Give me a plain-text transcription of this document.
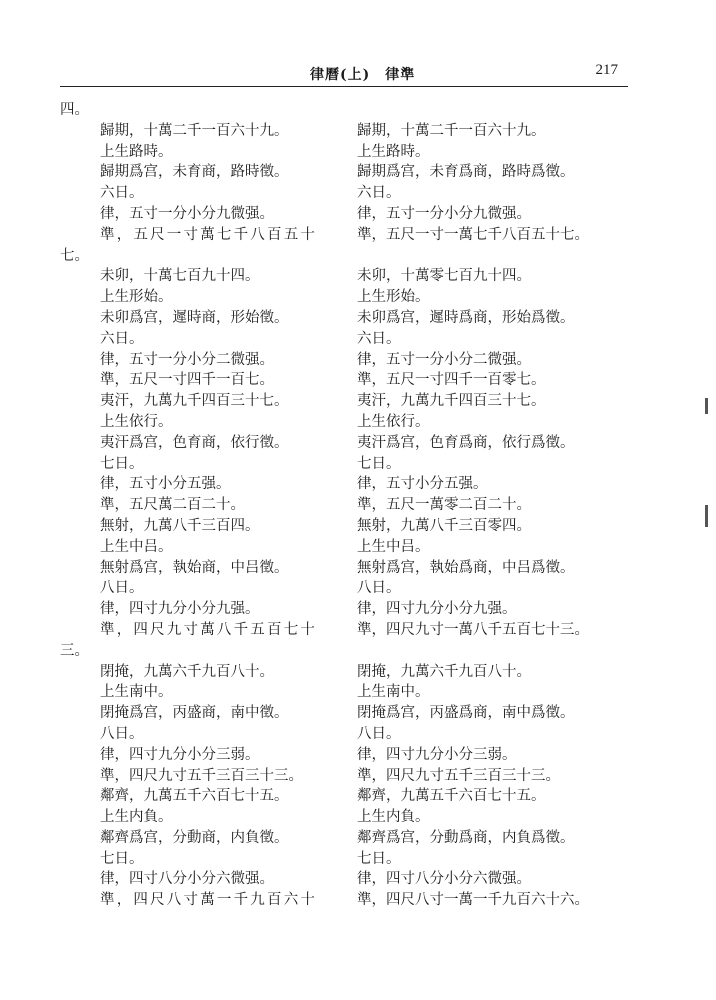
律曆(上)　律準	217
四。
歸期，十萬二千一百六十九。
上生路時。
歸期爲宫，未育商，路時徵。
六日。
律，五寸一分小分九微强。
準，五尺一寸萬七千八百五十
七。
未卯，十萬七百九十四。
上生形始。
未卯爲宫，遲時商，形始徵。
六日。
律，五寸一分小分二微强。
準，五尺一寸四千一百七。
夷汗，九萬九千四百三十七。
上生依行。
夷汗爲宫，色育商，依行徵。
七日。
律，五寸小分五强。
準，五尺萬二百二十。
無射，九萬八千三百四。
上生中吕。
無射爲宫，執始商，中吕徵。
八日。
律，四寸九分小分九强。
準，四尺九寸萬八千五百七十
三。
閉掩，九萬六千九百八十。
上生南中。
閉掩爲宫，丙盛商，南中徵。
八日。
律，四寸九分小分三弱。
準，四尺九寸五千三百三十三。
鄰齊，九萬五千六百七十五。
上生内負。
鄰齊爲宫，分動商，内負徵。
七日。
律，四寸八分小分六微强。
準，四尺八寸萬一千九百六十
歸期，十萬二千一百六十九。
上生路時。
歸期爲宫，未育爲商，路時爲徵。
六日。
律，五寸一分小分九微强。
準，五尺一寸一萬七千八百五十七。
未卯，十萬零七百九十四。
上生形始。
未卯爲宫，遲時爲商，形始爲徵。
六日。
律，五寸一分小分二微强。
準，五尺一寸四千一百零七。
夷汗，九萬九千四百三十七。
上生依行。
夷汗爲宫，色育爲商，依行爲徵。
七日。
律，五寸小分五强。
準，五尺一萬零二百二十。
無射，九萬八千三百零四。
上生中吕。
無射爲宫，執始爲商，中吕爲徵。
八日。
律，四寸九分小分九强。
準，四尺九寸一萬八千五百七十三。
閉掩，九萬六千九百八十。
上生南中。
閉掩爲宫，丙盛爲商，南中爲徵。
八日。
律，四寸九分小分三弱。
準，四尺九寸五千三百三十三。
鄰齊，九萬五千六百七十五。
上生内負。
鄰齊爲宫，分動爲商，内負爲徵。
七日。
律，四寸八分小分六微强。
準，四尺八寸一萬一千九百六十六。
